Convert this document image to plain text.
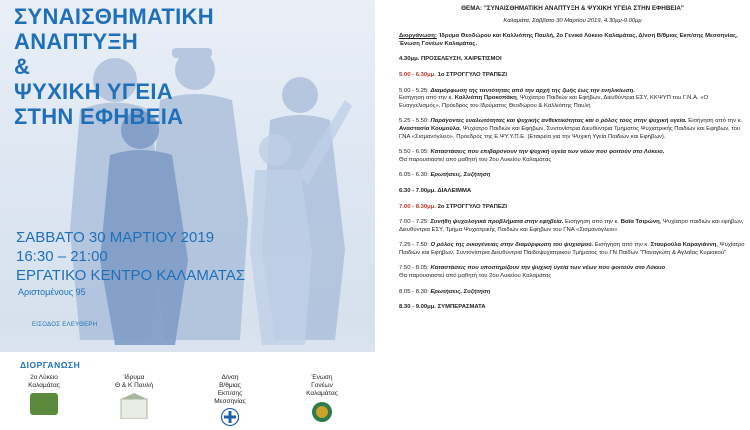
ΣΥΝΑΙΣΘΗΜΑΤΙΚΗ
ΑΝΑΠΤΥΞΗ
&
ΨΥΧΙΚΗ ΥΓΕΙΑ
ΣΤΗΝ ΕΦΗΒΕΙΑ
ΣΑΒΒΑΤΟ 30 ΜΑΡΤΙΟΥ 2019
16:30 – 21:00
ΕΡΓΑΤΙΚΟ ΚΕΝΤΡΟ ΚΑΛΑΜΑΤΑΣ
Αριστομένους 95
ΕΙΣΟΔΟΣ ΕΛΕΥΘΕΡΗ
ΔΙΟΡΓΑΝΩΣΗ
2ο Λύκειο
Καλαμάτας
Ίδρυμα
Θ & Κ Παυλή
Δ/νση
Β/θμιας
Εκπ/σης
Μεσσηνίας
Ένωση
Γονέων
Καλαμάτας
ΘΕΜΑ: "ΣΥΝΑΙΣΘΗΜΑΤΙΚΗ ΑΝΑΠΤΥΞΗ & ΨΥΧΙΚΗ ΥΓΕΙΑ ΣΤΗΝ ΕΦΗΒΕΙΑ"
Καλαμάτα, Σάββατο 30 Μαρτίου 2019, 4.30μμ-9.00μμ
Διοργάνωση: Ίδρυμα Θεοδώρου και Καλλιόπης Παυλή, 2ο Γενικό Λύκειο Καλαμάτας, Δ/νση Β/θμιας Εκπ/σης Μεσσηνίας, Ένωση Γονέων Καλαμάτας.
4.30μμ. ΠΡΟΣΕΛΕΥΣΗ, ΧΑΙΡΕΤΙΣΜΟΙ
5.00 - 6.30μμ. 1ο ΣΤΡΟΓΓΥΛΟ ΤΡΑΠΕΖΙ
5.00 - 5.25: Διαμόρφωση της ταυτότητας από την αρχή της ζωής έως την ενηλικίωση.
Εισήγηση από την κ. Καλλιόπη Προκοπάκη, Ψυχίατρο Παιδιών και Εφήβων, Διευθύντρια ΕΣΥ, ΚΚΨΥΠ του Γ.Ν.Α. «Ο Ευαγγελισμός», Πρόεδρος του Ιδρύματος Θεοδώρου & Καλλιόπης Παυλή
5.25 - 5.50: Παράγοντες ευαλωτότητας και ψυχικής ανθεκτικότητας και ο ρόλος τους στην ψυχική υγεία. Εισήγηση από την κ. Αναστασία Κουμούλα, Ψυχίατρο Παιδιών και Εφήβων, Συντονίστρια Διευθύντρια Τμήματος Ψυχιατρικής Παιδιών και Εφήβων, του ΓΝΑ «Σισμανόγλειο», Πρόεδρος της Ε.ΨΥ.Υ.Π.Ε. (Εταιρεία για την Ψυχική Υγεία Παιδιών και Εφήβων).
5.50 - 6.05: Καταστάσεις που επιβαρύνουν την ψυχική υγεία των νέων που φοιτούν στο Λύκειο.
Θα παρουσιαστεί από μαθητή του 2ου Λυκείου Καλαμάτας
6.05 - 6.30: Ερωτήσεις, Συζήτηση
6.30 - 7.00μμ. ΔΙΑΛΕΙΜΜΑ
7.00 - 8.30μμ. 2ο ΣΤΡΟΓΓΥΛΟ ΤΡΑΠΕΖΙ
7.00 - 7.25: Συνήθη ψυχολογικά προβλήματα στην εφηβεία. Εισήγηση από την κ. Βαϊα Τσιρώνη, Ψυχίατρο παιδιών και εφήβων, Διευθύντρια ΕΣΥ, Τμήμα Ψυχιατρικής Παιδιών και Εφήβων του ΓΝΑ «Σισμανόγλειο»
7.25 - 7.50: Ο ρόλος της οικογένειας στην διαμόρφωση του ψυχισμού. Εισήγηση από την κ. Σταυρούλα Καραγιάννη, Ψυχίατρο Παιδιών και Εφήβων, Συντονίστρια Διευθύντρια Παιδοψυχιατρικού Τμήματος του ΓΝ Παίδων "Παναγιώτη & Αγλαΐας Κυριακού"
7.50 - 8.05: Καταστάσεις που υποστηρίζουν την ψυχική υγεία των νέων που φοιτούν στο Λύκειο
Θα παρουσιαστεί από μαθητή του 2ου Λυκείου Καλαμάτας
8.05 - 8.30: Ερωτήσεις, Συζήτηση
8.30 - 9.00μμ. ΣΥΜΠΕΡΑΣΜΑΤΑ
